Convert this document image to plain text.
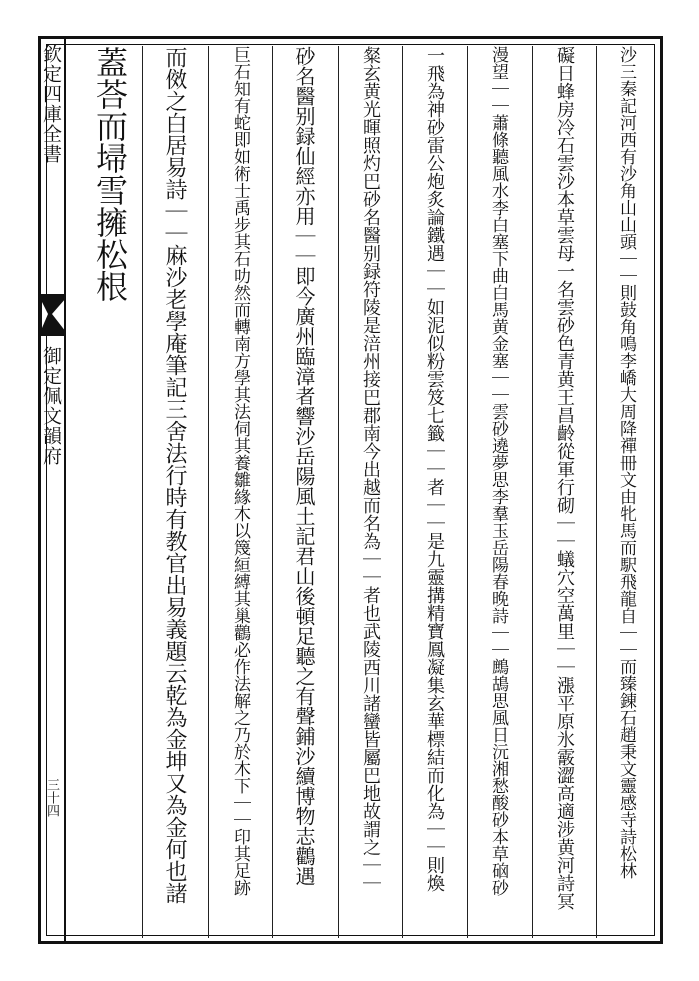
欽定四庫全書
御定佩文韻府
三十四	沙三秦記河西有沙角山山頭｜｜則鼓角鳴李嶠大周降禪冊文由牝馬而駅飛龍自｜｜而臻錬石趙秉文靈感寺詩松林
礙日蜂房冷石雲沙本草雲母一名雲砂色青黄王昌齡從軍行砌｜｜蟻穴空萬里｜｜漲平原氷霰澀高適涉黄河詩冥
漫望｜｜蕭條聽風水李白塞下曲白馬黄金塞｜｜雲砂遶夢思李羣玉岳陽春晚詩｜｜鷓鴣思風日沅湘愁酸砂本草硇砂
一飛為神砂雷公炮炙論鐵遇｜｜如泥似粉雲笈七籤｜｜者｜｜是九靈搆精寶鳳凝集玄華標結而化為｜｜則煥
粲玄黄光暉照灼巴砂名醫别録符陵是涪州接巴郡南今出越而名為｜｜者也武陵西川諸蠻皆屬巴地故謂之｜｜
砂名醫别録仙經亦用｜｜即今廣州臨漳者響沙岳陽風土記君山後頓足聽之有聲鋪沙續博物志鸛遇
巨石知有蛇即如術士禹步其石叻然而轉南方學其法伺其養雛緣木以篾絙縛其巢鸛必作法解之乃於木下｜｜印其足跡
而傚之白居易詩｜｜麻沙老學庵筆記三舍法行時有教官出易義題云乾為金坤又為金何也諸
蓋荅而埽雪擁松根
